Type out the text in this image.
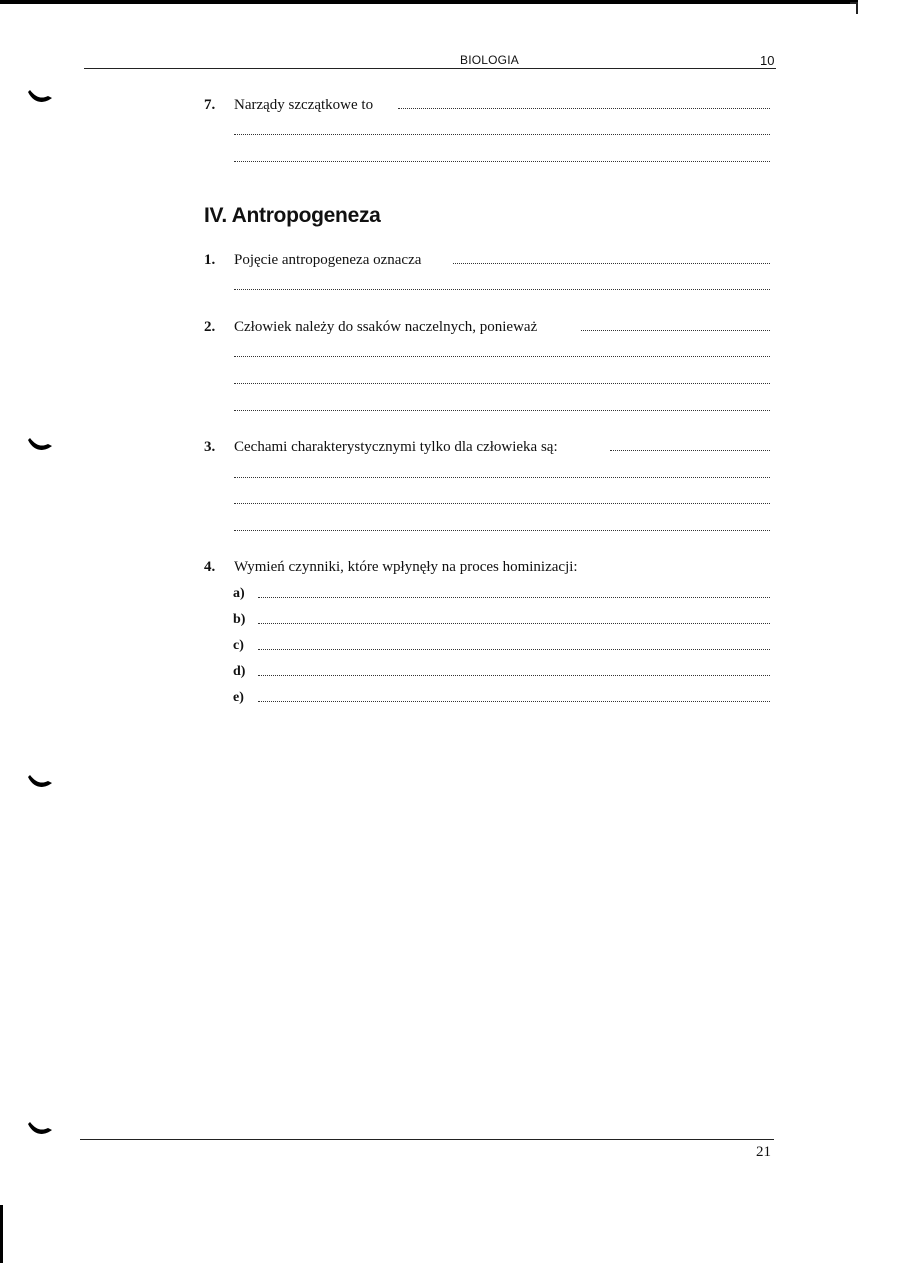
BIOLOGIA	10
7. Narządy szczątkowe to
IV. Antropogeneza
1. Pojęcie antropogeneza oznacza
2. Człowiek należy do ssaków naczelnych, ponieważ
3. Cechami charakterystycznymi tylko dla człowieka są:
4. Wymień czynniki, które wpłynęły na proces hominizacji:
a)
b)
c)
d)
e)
21
